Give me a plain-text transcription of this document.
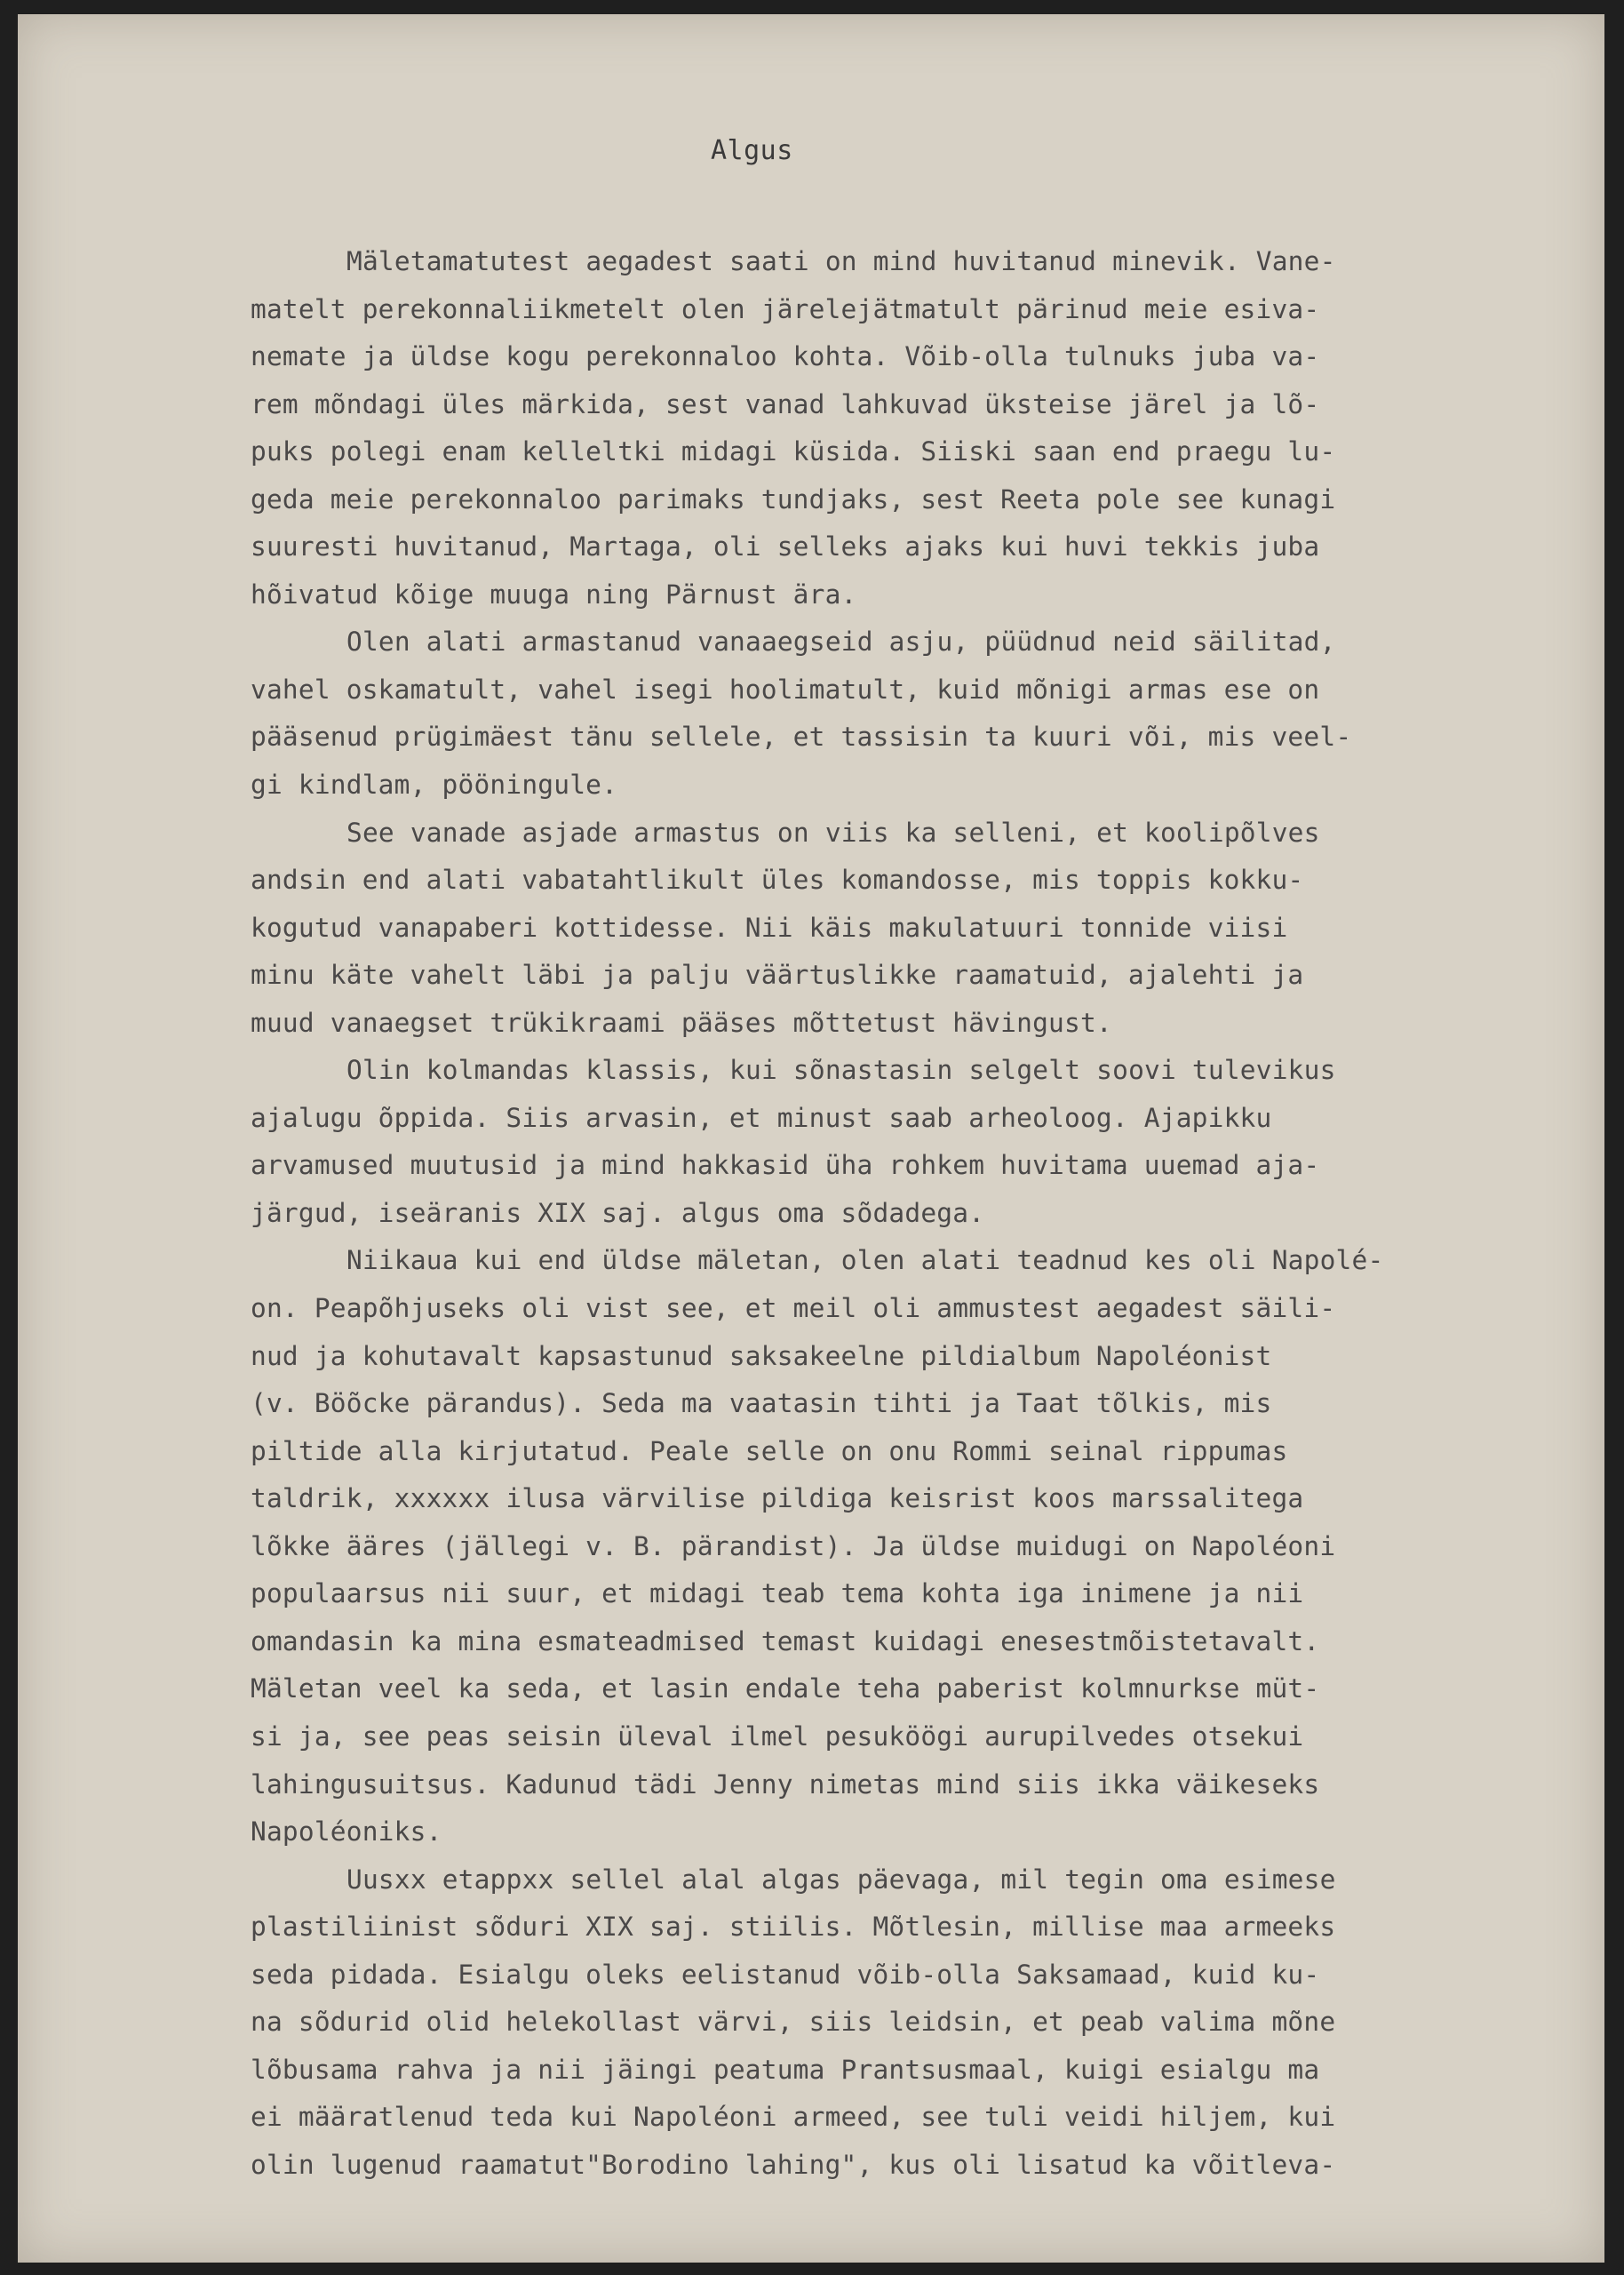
Algus
Mäletamatutest aegadest saati on mind huvitanud minevik. Vane-
matelt perekonnaliikmetelt olen järelejätmatult pärinud meie esiva-
nemate ja üldse kogu perekonnaloo kohta. Võib-olla tulnuks juba va-
rem mõndagi üles märkida, sest vanad lahkuvad üksteise järel ja lõ-
puks polegi enam kelleltki midagi küsida. Siiski saan end praegu lu-
geda meie perekonnaloo parimaks tundjaks, sest Reeta pole see kunagi
suuresti huvitanud, Martaga, oli selleks ajaks kui huvi tekkis juba
hõivatud kõige muuga ning Pärnust ära.
Olen alati armastanud vanaaegseid asju, püüdnud neid säilitad,
vahel oskamatult, vahel isegi hoolimatult, kuid mõnigi armas ese on
pääsenud prügimäest tänu sellele, et tassisin ta kuuri või, mis veel-
gi kindlam, pööningule.
See vanade asjade armastus on viis ka selleni, et koolipõlves
andsin end alati vabatahtlikult üles komandosse, mis toppis kokku-
kogutud vanapaberi kottidesse. Nii käis makulatuuri tonnide viisi
minu käte vahelt läbi ja palju väärtuslikke raamatuid, ajalehti ja
muud vanaegset trükikraami pääses mõttetust hävingust.
Olin kolmandas klassis, kui sõnastasin selgelt soovi tulevikus
ajalugu õppida. Siis arvasin, et minust saab arheoloog. Ajapikku
arvamused muutusid ja mind hakkasid üha rohkem huvitama uuemad aja-
järgud, iseäranis XIX saj. algus oma sõdadega.
Niikaua kui end üldse mäletan, olen alati teadnud kes oli Napolé-
on. Peapõhjuseks oli vist see, et meil oli ammustest aegadest säili-
nud ja kohutavalt kapsastunud saksakeelne pildialbum Napoléonist
(v. Böõcke pärandus). Seda ma vaatasin tihti ja Taat tõlkis, mis
piltide alla kirjutatud. Peale selle on onu Rommi seinal rippumas
taldrik, xxxxxx ilusa värvilise pildiga keisrist koos marssalitega
lõkke ääres (jällegi v. B. pärandist). Ja üldse muidugi on Napoléoni
populaarsus nii suur, et midagi teab tema kohta iga inimene ja nii
omandasin ka mina esmateadmised temast kuidagi enesestmõistetavalt.
Mäletan veel ka seda, et lasin endale teha paberist kolmnurkse müt-
si ja, see peas seisin üleval ilmel pesuköögi aurupilvedes otsekui
lahingusuitsus. Kadunud tädi Jenny nimetas mind siis ikka väikeseks
Napoléoniks.
Uusxx etappxx sellel alal algas päevaga, mil tegin oma esimese
plastiliinist sõduri XIX saj. stiilis. Mõtlesin, millise maa armeeks
seda pidada. Esialgu oleks eelistanud võib-olla Saksamaad, kuid ku-
na sõdurid olid helekollast värvi, siis leidsin, et peab valima mõne
lõbusama rahva ja nii jäingi peatuma Prantsusmaal, kuigi esialgu ma
ei määratlenud teda kui Napoléoni armeed, see tuli veidi hiljem, kui
olin lugenud raamatut"Borodino lahing", kus oli lisatud ka võitleva-
